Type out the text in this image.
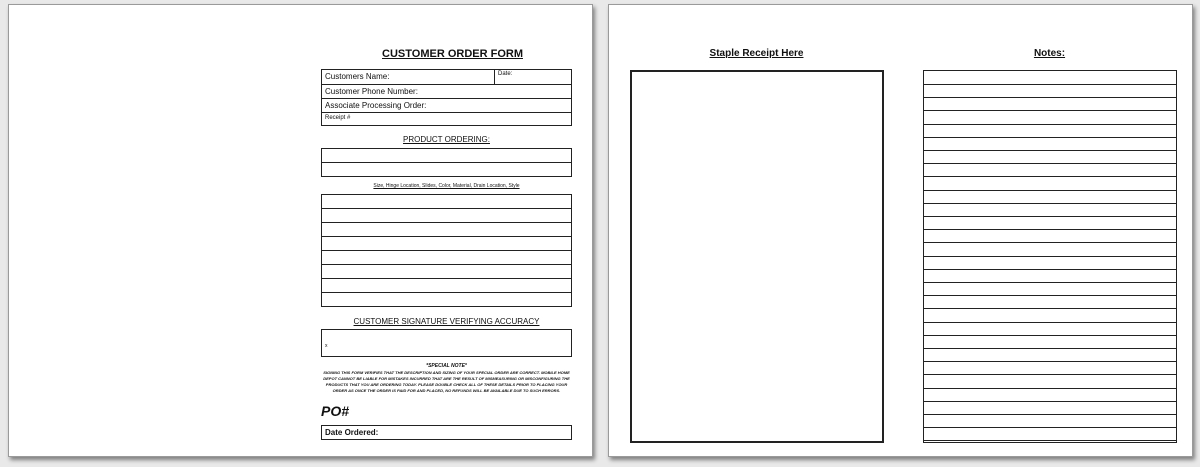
CUSTOMER ORDER FORM
Customers Name:	Date:
Customer Phone Number:
Associate Processing Order:
Receipt #
PRODUCT ORDERING:
Size, Hinge Location, Slides, Color, Material, Drain Location, Style
CUSTOMER SIGNATURE VERIFYING ACCURACY
x
*SPECIAL NOTE*
SIGNING THIS FORM VERIFIES THAT THE DESCRIPTION AND SIZING OF YOUR SPECIAL ORDER ARE CORRECT. MOBILE HOME DEPOT CANNOT BE LIABLE FOR MISTAKES INCURRED THAT ARE THE RESULT OF MISMEASURING OR MISCONFIGURING THE PRODUCTS THAT YOU ARE ORDERING TODAY. PLEASE DOUBLE CHECK ALL OF THESE DETAILS PRIOR TO PLACING YOUR ORDER AS ONCE THE ORDER IS PAID FOR AND PLACED, NO REFUNDS WILL BE AVAILABLE DUE TO SUCH ERRORS.
PO#
Date Ordered:
Staple Receipt Here	Notes:
